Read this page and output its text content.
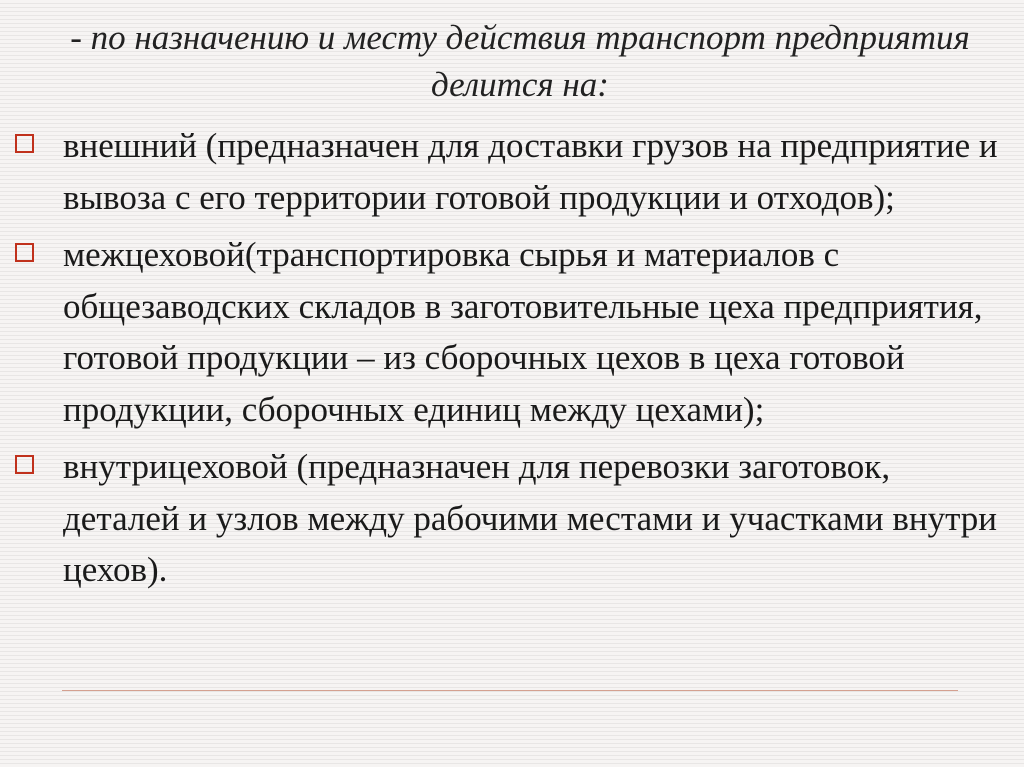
- по назначению и месту действия транспорт предприятия делится на:
внешний (предназначен для доставки грузов на предприятие и вывоза с его территории готовой продукции и отходов);
межцеховой(транспортировка сырья и материалов с общезаводских складов в заготовительные цеха предприятия, готовой продукции – из сборочных цехов в цеха готовой продукции, сборочных единиц между цехами);
внутрицеховой (предназначен для перевозки заготовок, деталей и узлов между рабочими местами и участками внутри цехов).
